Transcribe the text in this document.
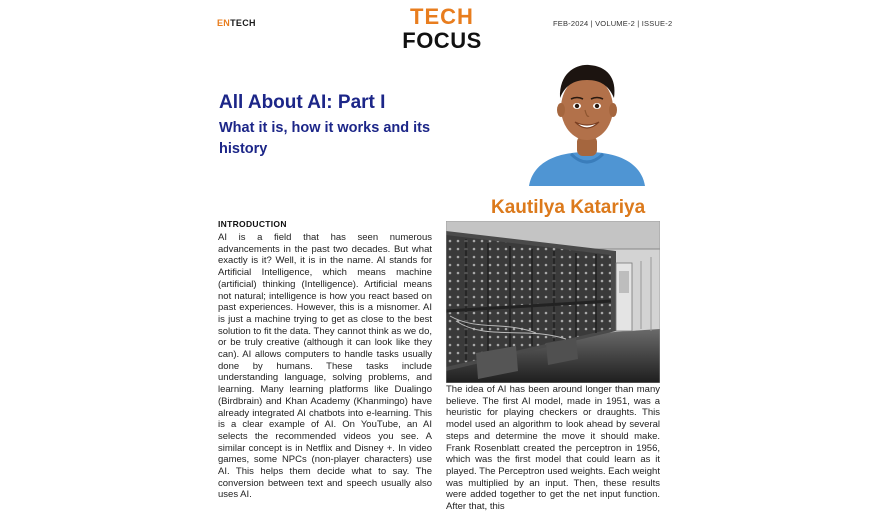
ENTECH	TECH
FOCUS
FEB-2024 | VOLUME-2 | ISSUE-2
All About AI: Part I
What it is, how it works and its history
Kautilya Katariya
INTRODUCTION

AI is a field that has seen numerous advancements in the past two decades. But what exactly is it? Well, it is in the name. AI stands for Artificial Intelligence, which means machine (artificial) thinking (Intelligence). Artificial means not natural; intelligence is how you react based on past experiences. However, this is a misnomer. AI is just a machine trying to get as close to the best solution to fit the data. They cannot think as we do, or be truly creative (although it can look like they can). AI allows computers to handle tasks usually done by humans. These tasks include understanding language, solving problems, and learning. Many learning platforms like Dualingo (Birdbrain) and Khan Academy (Khanmingo) have already integrated AI chatbots into e-learning. This is a clear example of AI. On YouTube, an AI selects the recommended videos you see. A similar concept is in Netflix and Disney +. In video games, some NPCs (non-player characters) use AI. This helps them decide what to say. The conversion between text and speech usually also uses AI.

The idea of AI has been around longer than many believe. The first AI model, made in 1951, was a heuristic for playing checkers or draughts. This model used an algorithm to look ahead by several steps and determine the move it should make. Frank Rosenblatt created the perceptron in 1956, which was the first model that could learn as it played. The Perceptron used weights. Each weight was multiplied by an input. Then, these results were added together to get the net input function. After that, this
